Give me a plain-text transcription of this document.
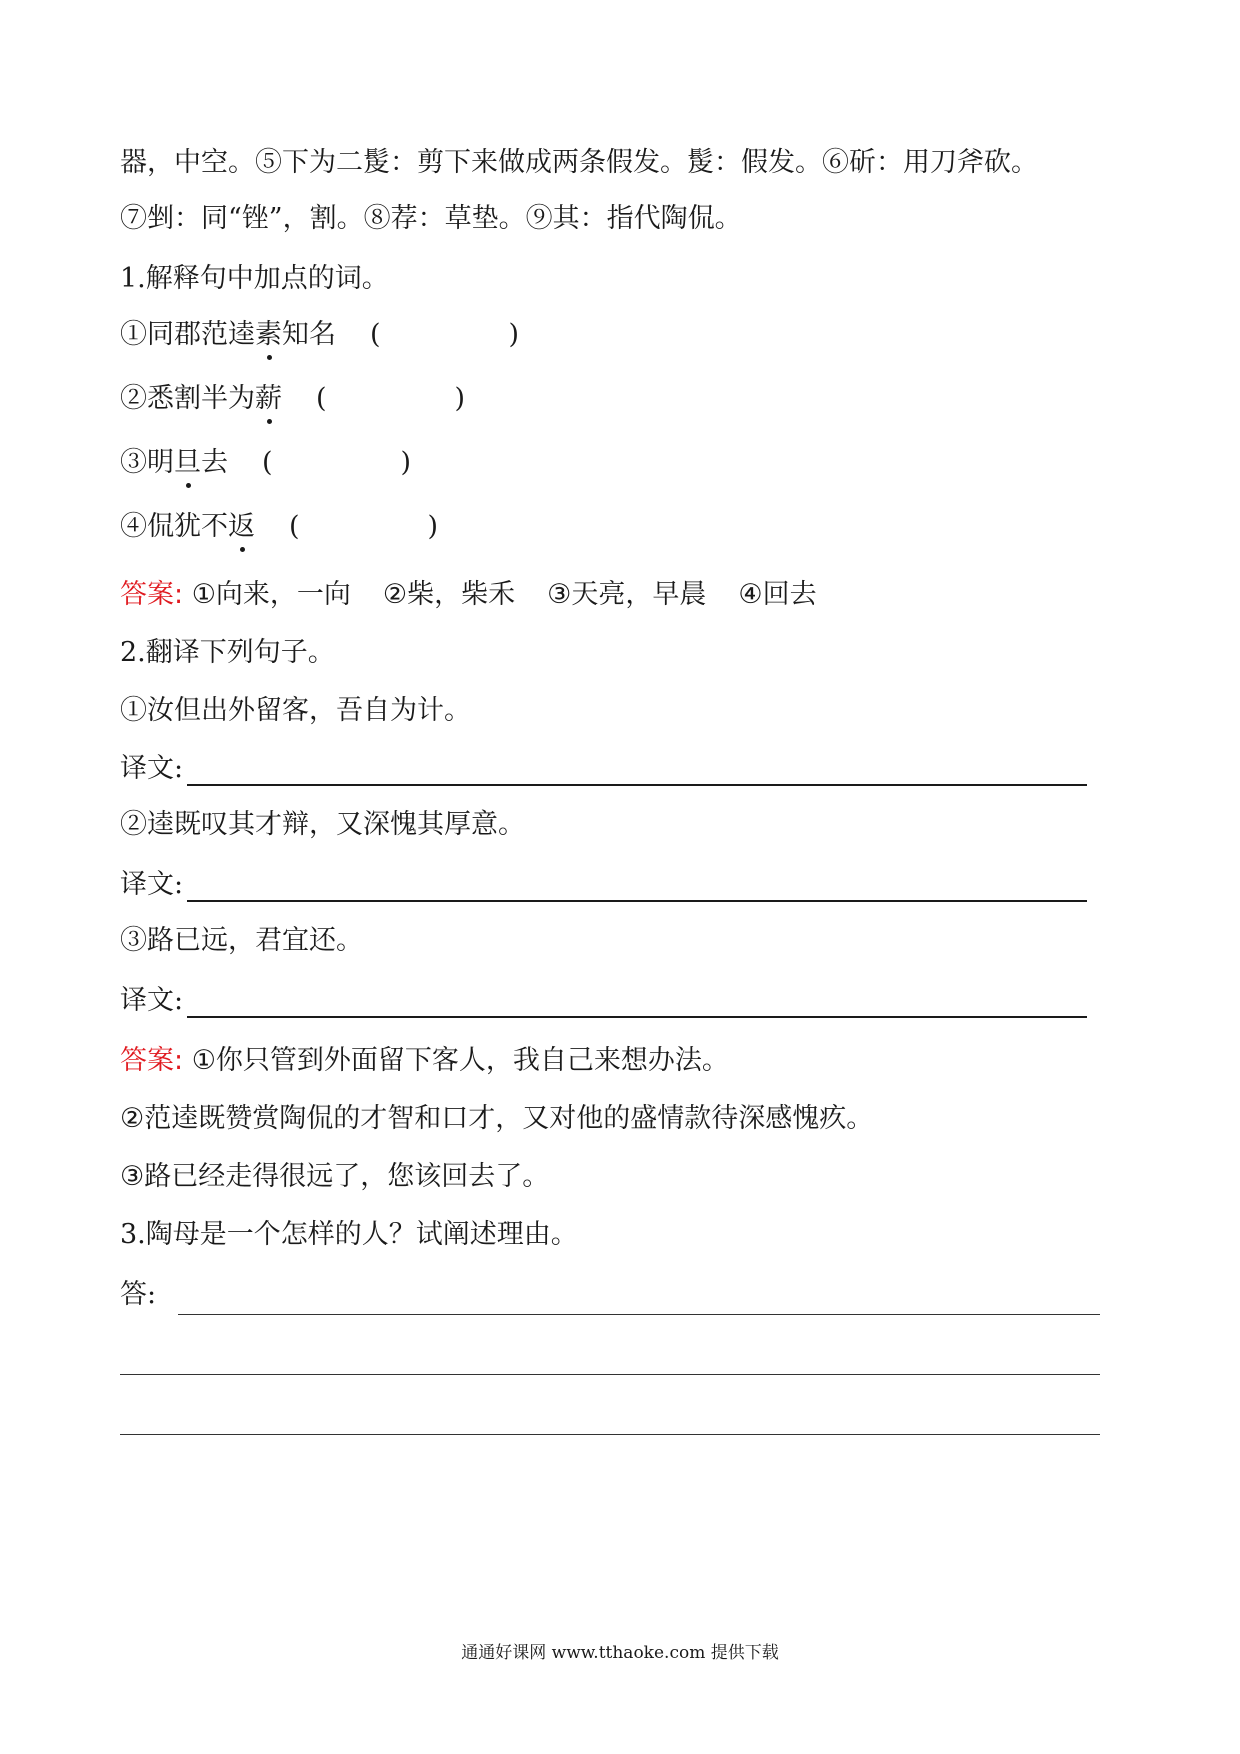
器，中空。⑤下为二髲：剪下来做成两条假发。髲：假发。⑥斫：用刀斧砍。
⑦剉：同“锉”，割。⑧荐：草垫。⑨其：指代陶侃。
1.解释句中加点的词。
①同郡范逵素知名 (	)
②悉割半为薪 (	)
③明旦去 (	)
④侃犹不返 (	)
答案: ①向来，一向 ②柴，柴禾 ③天亮，早晨 ④回去
2.翻译下列句子。
①汝但出外留客，吾自为计。
译文:
②逵既叹其才辩，又深愧其厚意。
译文:
③路已远，君宜还。
译文:
答案: ①你只管到外面留下客人，我自己来想办法。
②范逵既赞赏陶侃的才智和口才，又对他的盛情款待深感愧疚。
③路已经走得很远了，您该回去了。
3.陶母是一个怎样的人？试阐述理由。
答:
通通好课网 www.tthaoke.com 提供下载
